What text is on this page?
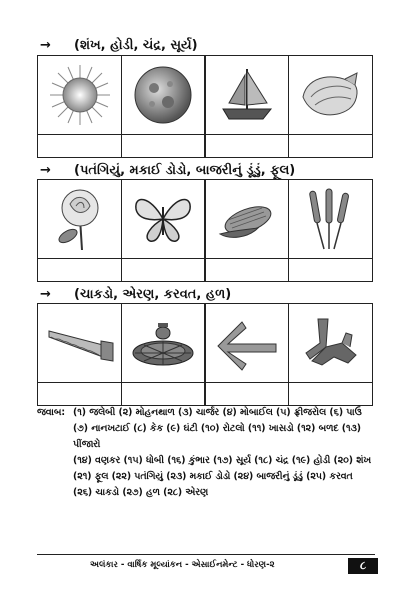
→ (શંખ, હોડી, ચંદ્ર, સૂર્ય)
→ (પતંગિયું, મકાઈ ડોડો, બાજરીનું ડૂંડું, ફૂલ)
→ (ચાકડો, એરણ, કરવત, હળ)
જવાબ: (૧) જલેબી (૨) મોહનથાળ (૩) ચાર્જર (૪) મોબાઈલ (૫) ફ્રીજરોલ (૬) પાઉં
(૭) નાનખટાઈ (૮) કેક (૯) ઘંટી (૧૦) રોટલો (૧૧) ખાસડો (૧૨) બળદ (૧૩) પીંજારો
(૧૪) વણકર (૧૫) ધોબી (૧૬) કુંભાર (૧૭) સૂર્ય (૧૮) ચંદ્ર (૧૯) હોડી (૨૦) શંખ
(૨૧) ફૂલ (૨૨) પતંગિયું (૨૩) મકાઈ ડોડો (૨૪) બાજરીનું ડૂંડું (૨૫) કરવત
(૨૬) ચાકડો (૨૭) હળ (૨૮) એરણ
અલંકાર - વાર્ષિક મૂલ્યાંકન - એસાઈનમેન્ટ - ધોરણ-૨	૮
